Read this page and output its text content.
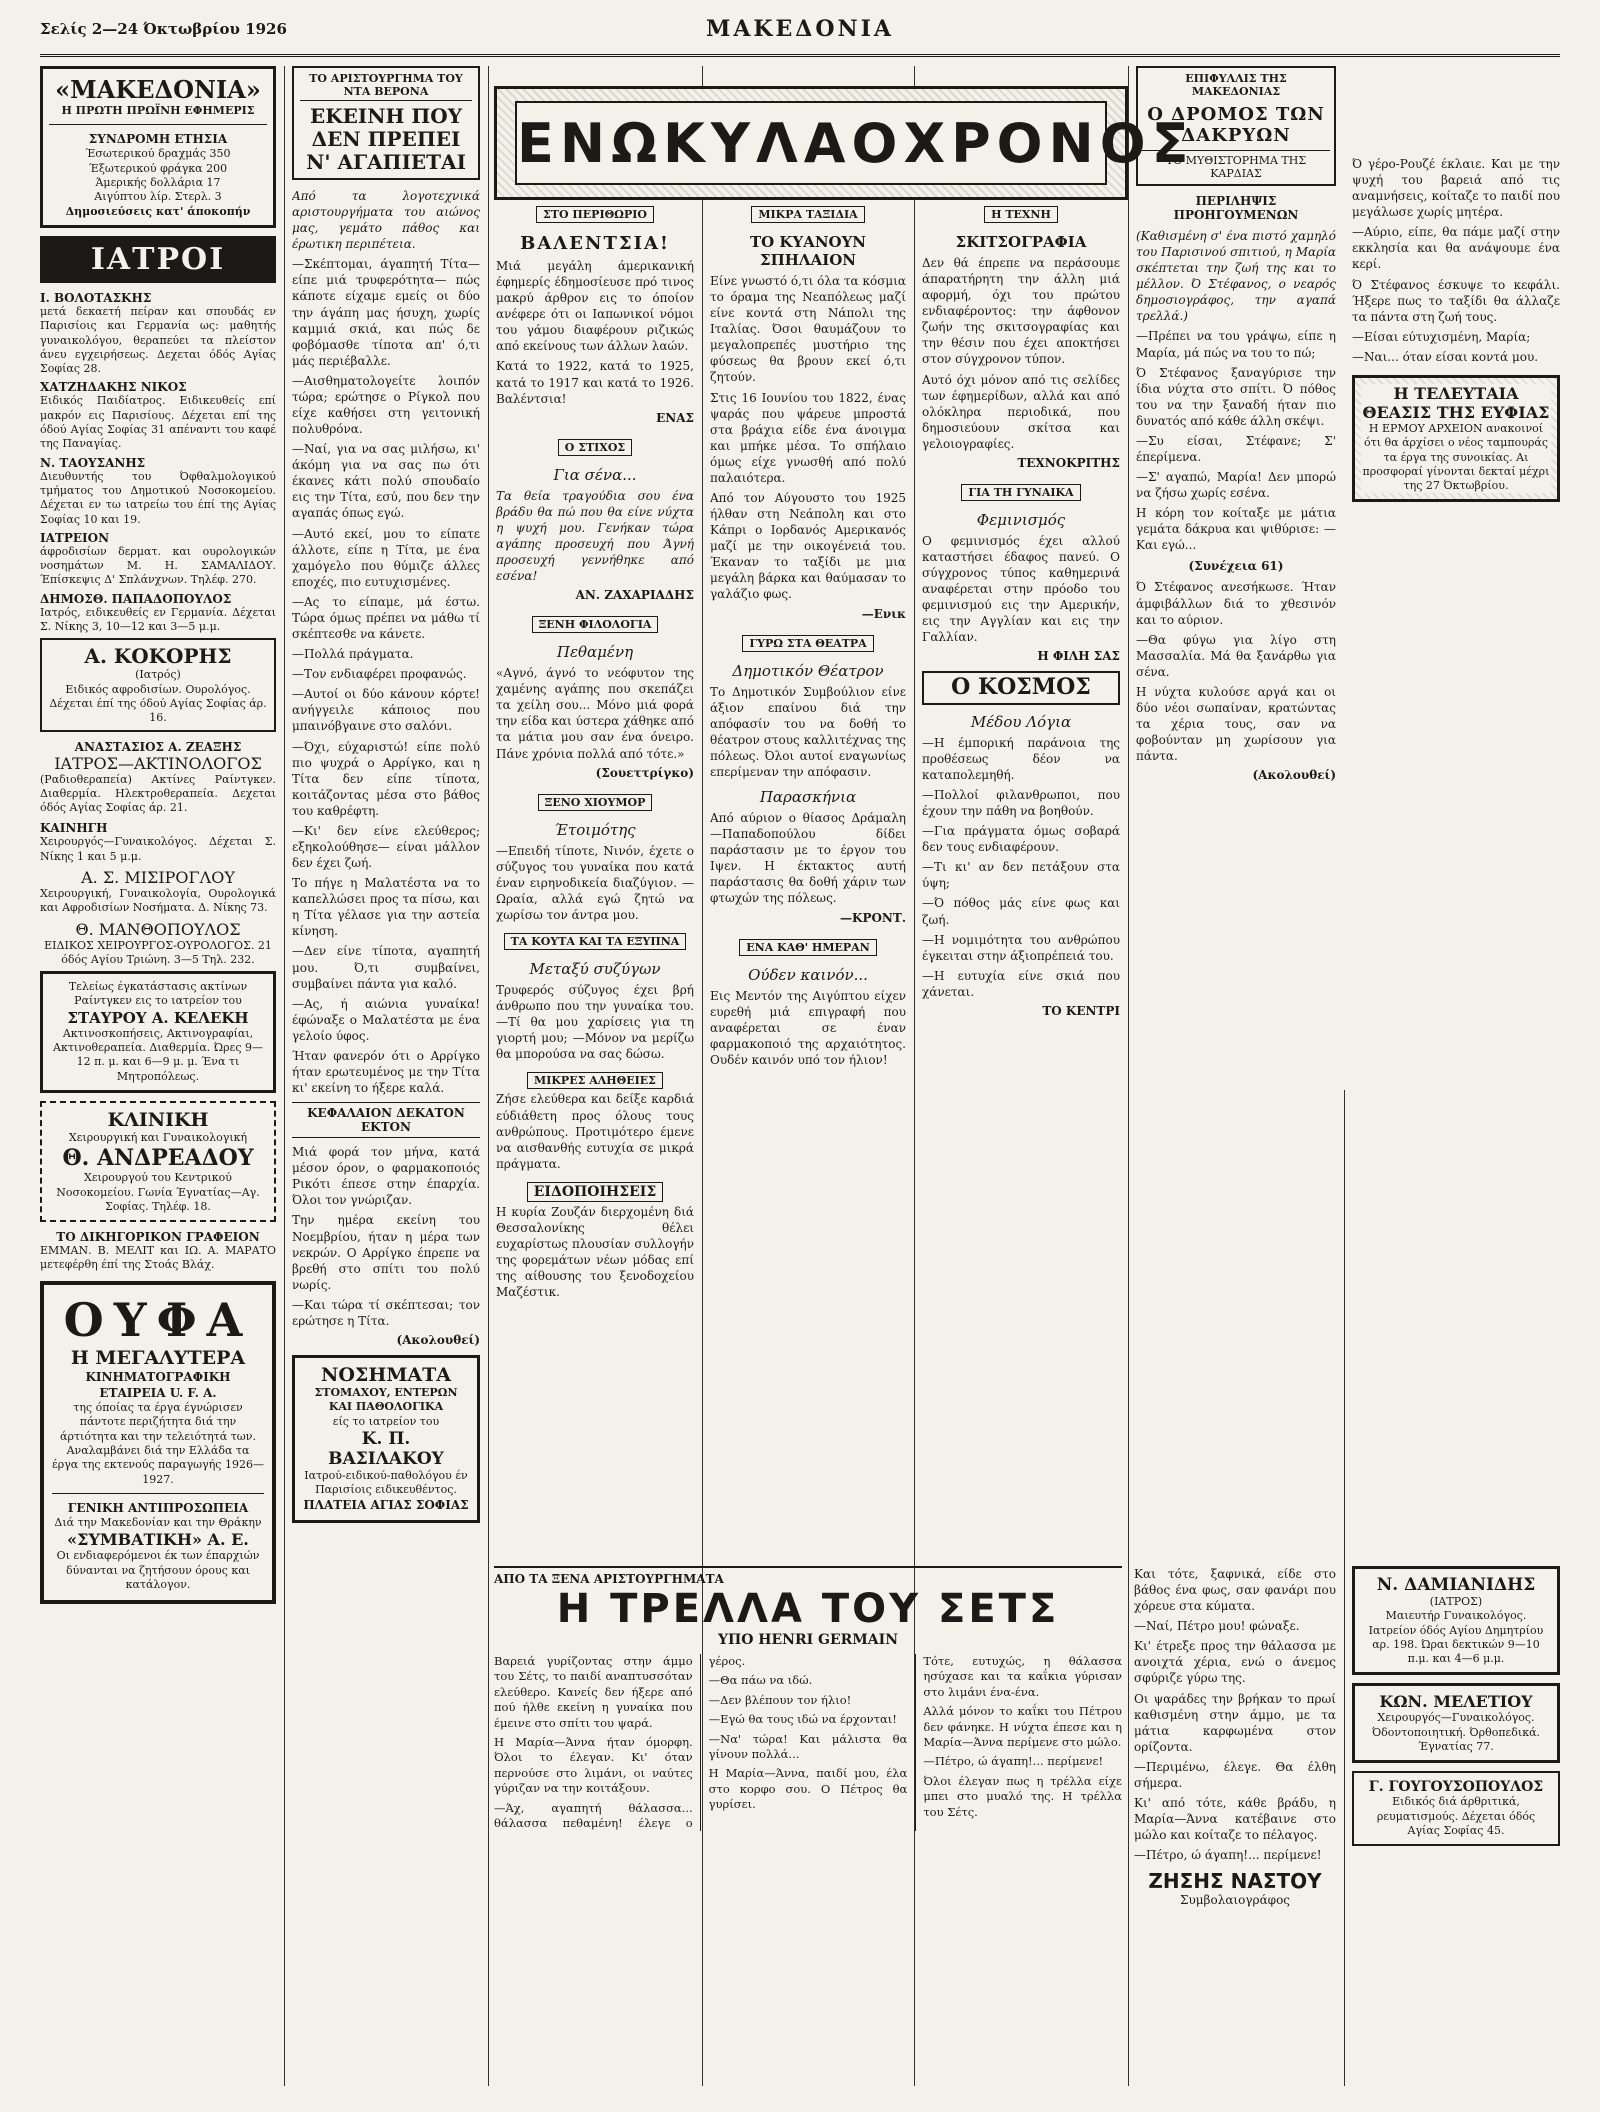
Σελίς 2—24 Όκτωβρίου 1926	ΜΑΚΕΔΟΝΙΑ
«ΜΑΚΕΔΟΝΙΑ»
Η ΠΡΩΤΗ ΠΡΩΪΝΗ ΕΦΗΜΕΡΙΣ
ΣΥΝΔΡΟΜΗ ΕΤΗΣΙΑ
Έσωτερικού δραχμάς 350
Έξωτερικού φράγκα 200
Άμερικής δολλάρια 17
Αιγύπτου λίρ. Στερλ. 3
Δημοσιεύσεις κατ' άποκοπήν
ΙΑΤΡΟΙ
Ι. ΒΟΛΟΤΑΣΚΗΣ
μετά δεκαετή πείραν και σπουδάς εν Παρισίοις και Γερμανία ως: μαθητής γυναικολόγου, θεραπεύει τα πλείστον άνευ εγχειρήσεως. Δεχεται όδός Αγίας Σοφίας 28.
ΧΑΤΖΗΔΑΚΗΣ ΝΙΚΟΣ
Ειδικός Παιδίατρος. Ειδικευθείς επί μακρόν εις Παρισίους. Δέχεται επί της όδού Αγίας Σοφίας 31 απέναντι του καφέ της Παναγίας.
Ν. ΤΑΟΥΣΑΝΗΣ
Διευθυντής του Όφθαλμολογικού τμήματος του Δημοτικού Νοσοκομείου. Δέχεται εν τω ιατρείω του έπί της Αγίας Σοφίας 10 και 19.
ΙΑΤΡΕΙΟΝ
άφροδισίων δερματ. και ουρολογικών νοσημάτων Μ. Η. ΣΑΜΑΛΙΔΟΥ. Έπίσκεψις Δ' Σπλάνχνων. Τηλέφ. 270.
ΔΗΜΟΣΘ. ΠΑΠΑΔΟΠΟΥΛΟΣ
Ιατρός, ειδικευθείς εν Γερμανία. Δέχεται Σ. Νίκης 3, 10—12 και 3—5 μ.μ.
Α. ΚΟΚΟΡΗΣ
(Ιατρός)
Ειδικός αφροδισίων. Ουρολόγος. Δέχεται έπί της όδού Αγίας Σοφίας άρ. 16.
ΑΝΑΣΤΑΣΙΟΣ Α. ΖΕΑΞΗΣ
ΙΑΤΡΟΣ—ΑΚΤΙΝΟΛΟΓΟΣ
(Ραδιοθεραπεία) Ακτίνες Ραίντγκεν. Διαθερμία. Ηλεκτροθεραπεία. Δεχεται όδός Αγίας Σοφίας άρ. 21.
ΚΑΙΝΗΓΗ
Χειρουργός—Γυναικολόγος. Δέχεται Σ. Νίκης 1 και 5 μ.μ.
Α. Σ. ΜΙΣΙΡΟΓΛΟΥ
Χειρουργική, Γυναικολογία, Ουρολογικά και Αφροδισίων Νοσήματα. Δ. Νίκης 73.
Θ. ΜΑΝΘΟΠΟΥΛΟΣ
ΕΙΔΙΚΟΣ ΧΕΙΡΟΥΡΓΟΣ-ΟΥΡΟΛΟΓΟΣ. 21 όδός Αγίου Τριώνη. 3—5 Τηλ. 232.
Τελείως έγκατάστασις ακτίνων Ραίντγκεν εις το ιατρείον του
ΣΤΑΥΡΟΥ Α. ΚΕΛΕΚΗ
Ακτινοσκοπήσεις, Ακτινογραφίαι, Ακτινοθεραπεία. Διαθερμία. Ώρες 9—12 π. μ. και 6—9 μ. μ. Ένα τι Μητροπόλεως.
ΚΛΙΝΙΚΗ
Χειρουργική και Γυναικολογική
Θ. ΑΝΔΡΕΑΔΟΥ
Χειρουργού του Κεντρικού Νοσοκομείου. Γωνία Έγνατίας—Αγ. Σοφίας. Τηλέφ. 18.
ΤΟ ΔΙΚΗΓΟΡΙΚΟΝ ΓΡΑΦΕΙΟΝ
ΕΜΜΑΝ. Β. ΜΕΛΙΤ και ΙΩ. Α. ΜΑΡΑΤΟ μετεφέρθη έπί της Στοάς Βλάχ.
ΟΥΦΑ
Η ΜΕΓΑΛΥΤΕΡΑ
ΚΙΝΗΜΑΤΟΓΡΑΦΙΚΗ ΕΤΑΙΡΕΙΑ U. F. A.
της όποίας τα έργα έγνώρισεν πάντοτε περιζήτητα διά την άρτιότητα και την τελειότητά των. Αναλαμβάνει διά την Ελλάδα τα έργα της εκτενούς παραγωγής 1926—1927.
ΓΕΝΙΚΗ ΑΝΤΙΠΡΟΣΩΠΕΙΑ
Διά την Μακεδονίαν και την Θράκην
«ΣΥΜΒΑΤΙΚΗ» Α. Ε.
Οι ενδιαφερόμενοι έκ των έπαρχιών δύνανται να ζητήσουν όρους και κατάλογον.
ΤΟ ΑΡΙΣΤΟΥΡΓΗΜΑ ΤΟΥ ΝΤΑ ΒΕΡΟΝΑ
ΕΚΕΙΝΗ ΠΟΥ ΔΕΝ ΠΡΕΠΕΙ Ν' ΑΓΑΠΙΕΤΑΙ
Από τα λογοτεχνικά αριστουργήματα του αιώνος μας, γεμάτο πάθος και έρωτικη περιπέτεια.
—Σκέπτομαι, άγαπητή Τίτα— είπε μιά τρυφερότητα— πώς κάποτε είχαμε εμείς οι δύο την άγάπη μας ήσυχη, χωρίς καμμιά σκιά, και πώς δε φοβόμασθε τίποτα απ' ό,τι μάς περιέβαλλε.
—Αισθηματολογείτε λοιπόν τώρα; ερώτησε ο Ρίγκολ που είχε καθήσει στη γειτονική πολυθρόνα.
—Ναί, για να σας μιλήσω, κι' άκόμη για να σας πω ότι έκανες κάτι πολύ σπουδαίο εις την Τίτα, εσύ, που δεν την αγαπάς όπως εγώ.
—Αυτό εκεί, μου το είπατε άλλοτε, είπε η Τίτα, με ένα χαμόγελο που θύμιζε άλλες εποχές, πιο ευτυχισμένες.
—Ας το είπαμε, μά έστω. Τώρα όμως πρέπει να μάθω τί σκέπτεσθε να κάνετε.
—Πολλά πράγματα.
—Τον ενδιαφέρει προφανώς.
—Αυτοί οι δύο κάνουν κόρτε! ανήγγειλε κάποιος που μπαινόβγαινε στο σαλόνι.
—Όχι, εύχαριστώ! είπε πολύ πιο ψυχρά ο Αρρίγκο, και η Τίτα δεν είπε τίποτα, κοιτάζοντας μέσα στο βάθος του καθρέφτη.
—Κι' δεν είνε ελεύθερος; εξηκολούθησε— είναι μάλλον δεν έχει ζωή.
Το πήγε η Μαλατέστα να το καπελλώσει προς τα πίσω, και η Τίτα γέλασε για την αστεία κίνηση.
—Δεν είνε τίποτα, αγαπητή μου. Ό,τι συμβαίνει, συμβαίνει πάντα για καλό.
—Ας, ή αιώνια γυναίκα! έφώναξε ο Μαλατέστα με ένα γελοίο ύφος.
Ήταν φανερόν ότι ο Αρρίγκο ήταν ερωτευμένος με την Τίτα κι' εκείνη το ήξερε καλά.
ΚΕΦΑΛΑΙΟΝ ΔΕΚΑΤΟΝ ΕΚΤΟΝ
Μιά φορά τον μήνα, κατά μέσον όρον, ο φαρμακοποιός Ρικότι έπεσε στην έπαρχία. Όλοι τον γνώριζαν.
Την ημέρα εκείνη του Νοεμβρίου, ήταν η μέρα των νεκρών. Ο Αρρίγκο έπρεπε να βρεθή στο σπίτι του πολύ νωρίς.
—Και τώρα τί σκέπτεσαι; τον ερώτησε η Τίτα.
(Ακολουθεί)
ΝΟΣΗΜΑΤΑ
ΣΤΟΜΑΧΟΥ, ΕΝΤΕΡΩΝ ΚΑΙ ΠΑΘΟΛΟΓΙΚΑ
είς το ιατρείον του
Κ. Π. ΒΑΣΙΛΑΚΟΥ
Ιατρού-ειδικού-παθολόγου έν Παρισίοις ειδικευθέντος.
ΠΛΑΤΕΙΑ ΑΓΙΑΣ ΣΟΦΙΑΣ
ΕΝΩ ΚΥΛΑ Ο ΧΡΟΝΟΣ
ΣΤΟ ΠΕΡΙΘΩΡΙΟ
ΒΑΛΕΝΤΣΙΑ!
Μιά μεγάλη άμερικανική έφημερίς έδημοσίευσε πρό τινος μακρύ άρθρον εις το όποίον ανέφερε ότι οι Ιαπωνικοί νόμοι του γάμου διαφέρουν ριζικώς από εκείνους των άλλων λαών.
Κατά το 1922, κατά το 1925, κατά το 1917 και κατά το 1926. Βαλέντσια!
ΕΝΑΣ
Ο ΣΤΙΧΟΣ
Για σένα...
Τα θεία τραγούδια σου ένα βράδυ θα πώ που θα είνε νύχτα η ψυχή μου. Γενήκαν τώρα αγάπης προσευχή που Άγνή προσευχή γεννήθηκε από εσένα!
ΑΝ. ΖΑΧΑΡΙΑΔΗΣ
ΞΕΝΗ ΦΙΛΟΛΟΓΙΑ
Πεθαμένη
«Αγνό, άγνό το νεόφυτον της χαμένης αγάπης που σκεπάζει τα χείλη σου... Μόνο μιά φορά την είδα και ύστερα χάθηκε από τα μάτια μου σαν ένα όνειρο. Πάνε χρόνια πολλά από τότε.»
(Σουεττρίγκο)
ΞΕΝΟ ΧΙΟΥΜΟΡ
Έτοιμότης
—Επειδή τίποτε, Νινόν, έχετε ο σύζυγος του γυναίκα που κατά έναν ειρηνοδικεία διαζύγιον. —Ωραία, αλλά εγώ ζητώ να χωρίσω τον άντρα μου.
ΤΑ ΚΟΥΤΑ ΚΑΙ ΤΑ ΕΞΥΠΝΑ
Μεταξύ συζύγων
Τρυφερός σύζυγος έχει βρή άνθρωπο που την γυναίκα του. —Τί θα μου χαρίσεις για τη γιορτή μου; —Μόνον να μερίζω θα μπορούσα να σας δώσω.
ΜΙΚΡΕΣ ΑΛΗΘΕΙΕΣ
Ζήσε ελεύθερα και δείξε καρδιά εύδιάθετη προς όλους τους ανθρώπους. Προτιμότερο έμενε να αισθανθής ευτυχία σε μικρά πράγματα.
ΕΙΔΟΠΟΙΗΣΕΙΣ
Η κυρία Ζουζάν διερχομένη διά Θεσσαλονίκης θέλει ευχαρίστως πλουσίαν συλλογήν της φορεμάτων νέων μόδας επί της αίθουσης του ξενοδοχείου Μαζέστικ.
ΜΙΚΡΑ ΤΑΞΙΔΙΑ
ΤΟ ΚΥΑΝΟΥΝ ΣΠΗΛΑΙΟΝ
Είνε γνωστό ό,τι όλα τα κόσμια το όραμα της Νεαπόλεως μαζί είνε κοντά στη Νάπολι της Ιταλίας. Όσοι θαυμάζουν το μεγαλοπρεπές μυστήριο της φύσεως θα βρουν εκεί ό,τι ζητούν.
Στις 16 Ιουνίου του 1822, ένας ψαράς που ψάρευε μπροστά στα βράχια είδε ένα άνοιγμα και μπήκε μέσα. Το σπήλαιο όμως είχε γνωσθή από πολύ παλαιότερα.
Από τον Αύγουστο του 1925 ήλθαν στη Νεάπολη και στο Κάπρι ο Ιορδανός Αμερικανός μαζί με την οικογένειά του. Έκαναν το ταξίδι με μια μεγάλη βάρκα και θαύμασαν το γαλάζιο φως.
—Ενικ
ΓΥΡΩ ΣΤΑ ΘΕΑΤΡΑ
Δημοτικόν Θέατρον
Το Δημοτικόν Συμβούλιον είνε άξιον επαίνου διά την απόφασίν του να δοθή το θέατρον στους καλλιτέχνας της πόλεως. Όλοι αυτοί εναγωνίως επερίμεναν την απόφασιν.
Παρασκήνια
Από αύριον ο θίασος Δράμαλη—Παπαδοπούλου δίδει παράστασιν με το έργον του Ιψεν. Η έκτακτος αυτή παράστασις θα δοθή χάριν των φτωχών της πόλεως.
—ΚΡΟΝΤ.
ΕΝΑ ΚΑΘ' ΗΜΕΡΑΝ
Ούδεν καινόν...
Εις Μεντόν της Αιγύπτου είχεν ευρεθή μιά επιγραφή που αναφέρεται σε έναν φαρμακοποιό της αρχαιότητος. Ουδέν καινόν υπό τον ήλιον!
Η ΤΕΧΝΗ
ΣΚΙΤΣΟΓΡΑΦΙΑ
Δεν θά έπρεπε να περάσουμε άπαρατήρητη την άλλη μιά αφορμή, όχι του πρώτου ενδιαφέροντος: την άφθονον ζωήν της σκιτσογραφίας και την θέσιν που έχει αποκτήσει στον σύγχρονον τύπον.
Αυτό όχι μόνον από τις σελίδες των έφημερίδων, αλλά και από ολόκληρα περιοδικά, που δημοσιεύουν σκίτσα και γελοιογραφίες.
ΤΕΧΝΟΚΡΙΤΗΣ
ΓΙΑ ΤΗ ΓΥΝΑΙΚΑ
Φεμινισμός
Ο φεμινισμός έχει αλλού καταστήσει έδαφος πανεύ. Ο σύγχρονος τύπος καθημερινά αναφέρεται στην πρόοδο του φεμινισμού εις την Αμερικήν, εις την Αγγλίαν και εις την Γαλλίαν.
Η ΦΙΛΗ ΣΑΣ
Ο ΚΟΣΜΟΣ
Μέδου Λόγια
—Η έμπορική παράνοια της προθέσεως δέον να καταπολεμηθή.
—Πολλοί φιλανθρωποι, που έχουν την πάθη να βοηθούν.
—Για πράγματα όμως σοβαρά δεν τους ενδιαφέρουν.
—Τι κι' αν δεν πετάξουν στα ύψη;
—Ό πόθος μάς είνε φως και ζωή.
—Η νομιμότητα του ανθρώπου έγκειται στην άξιοπρέπειά του.
—Η ευτυχία είνε σκιά που χάνεται.
ΤΟ ΚΕΝΤΡΙ
ΕΠΙΦΥΛΛΙΣ ΤΗΣ ΜΑΚΕΔΟΝΙΑΣ
Ο ΔΡΟΜΟΣ ΤΩΝ ΔΑΚΡΥΩΝ
ΤΟ ΜΥΘΙΣΤΟΡΗΜΑ ΤΗΣ ΚΑΡΔΙΑΣ
ΠΕΡΙΛΗΨΙΣ ΠΡΟΗΓΟΥΜΕΝΩΝ
(Καθισμένη σ' ένα πιστό χαμηλό του Παρισινού σπιτιού, η Μαρία σκέπτεται την ζωή της και το μέλλον. Ό Στέφανος, ο νεαρός δημοσιογράφος, την αγαπά τρελλά.)
—Πρέπει να του γράψω, είπε η Μαρία, μά πώς να του το πώ;
Ό Στέφανος ξαναγύρισε την ίδια νύχτα στο σπίτι. Ό πόθος του να την ξαναδή ήταν πιο δυνατός από κάθε άλλη σκέψι.
—Συ είσαι, Στέφανε; Σ' έπερίμενα.
—Σ' αγαπώ, Μαρία! Δεν μπορώ να ζήσω χωρίς εσένα.
Η κόρη τον κοίταξε με μάτια γεμάτα δάκρυα και ψιθύρισε: —Και εγώ...
(Συνέχεια 61)
Ό Στέφανος ανεσήκωσε. Ήταν άμφιβάλλων διά το χθεσινόν και το αύριον.
—Θα φύγω για λίγο στη Μασσαλία. Μά θα ξανάρθω για σένα.
Η νύχτα κυλούσε αργά και οι δύο νέοι σωπαίναν, κρατώντας τα χέρια τους, σαν να φοβούνταν μη χωρίσουν για πάντα.
(Ακολουθεί)
Ό γέρο-Ρουζέ έκλαιε. Και με την ψυχή του βαρειά από τις αναμνήσεις, κοίταζε το παιδί που μεγάλωσε χωρίς μητέρα.
—Αύριο, είπε, θα πάμε μαζί στην εκκλησία και θα ανάψουμε ένα κερί.
Ό Στέφανος έσκυψε το κεφάλι. Ήξερε πως το ταξίδι θα άλλαζε τα πάντα στη ζωή τους.
—Είσαι εύτυχισμένη, Μαρία;
—Ναι... όταν είσαι κοντά μου.
Η ΤΕΛΕΥΤΑΙΑ ΘΕΑΣΙΣ ΤΗΣ ΕΥΦΙΑΣ
Η ΕΡΜΟΥ ΑΡΧΕΙΟΝ ανακοινοί ότι θα άρχίσει ο νέος ταμπουράς τα έργα της συνοικίας. Αι προσφοραί γίνονται δεκταί μέχρι της 27 Όκτωβρίου.
ΑΠΟ ΤΑ ΞΕΝΑ ΑΡΙΣΤΟΥΡΓΗΜΑΤΑ
Η ΤΡΕΛΛΑ ΤΟΥ ΣΕΤΣ
ΥΠΟ HENRI GERMAIN
Βαρειά γυρίζοντας στην άμμο του Σέτς, το παιδί αναπτυσσόταν ελεύθερο. Κανείς δεν ήξερε από πού ήλθε εκείνη η γυναίκα που έμεινε στο σπίτι του ψαρά.
Η Μαρία—Άννα ήταν όμορφη. Όλοι το έλεγαν. Κι' όταν περνούσε στο λιμάνι, οι ναύτες γύριζαν να την κοιτάξουν.
—Άχ, αγαπητή θάλασσα... θάλασσα πεθαμένη! έλεγε ο γέρος.
—Θα πάω να ιδώ.
—Δεν βλέπουν τον ήλιο!
—Εγώ θα τους ιδώ να έρχονται!
—Να' τώρα! Και μάλιστα θα γίνουν πολλά...
Η Μαρία—Άννα, παιδί μου, έλα στο κορφο σου. Ο Πέτρος θα γυρίσει.
Τότε, ευτυχώς, η θάλασσα ησύχασε και τα καΐκια γύρισαν στο λιμάνι ένα-ένα.
Αλλά μόνον το καΐκι του Πέτρου δεν φάνηκε. Η νύχτα έπεσε και η Μαρία—Άννα περίμενε στο μώλο.
—Πέτρο, ώ άγαπη!... περίμενε!
Όλοι έλεγαν πως η τρέλλα είχε μπει στο μυαλό της. Η τρέλλα του Σέτς.
Και τότε, ξαφνικά, είδε στο βάθος ένα φως, σαν φανάρι που χόρευε στα κύματα.
—Ναί, Πέτρο μου! φώναξε.
Κι' έτρεξε προς την θάλασσα με ανοιχτά χέρια, ενώ ο άνεμος σφύριζε γύρω της.
Οι ψαράδες την βρήκαν το πρωί καθισμένη στην άμμο, με τα μάτια καρφωμένα στον ορίζοντα.
—Περιμένω, έλεγε. Θα έλθη σήμερα.
Κι' από τότε, κάθε βράδυ, η Μαρία—Άννα κατέβαινε στο μώλο και κοίταζε το πέλαγος.
—Πέτρο, ώ άγαπη!... περίμενε!
ΖΗΣΗΣ ΝΑΣΤΟΥ
Συμβολαιογράφος
Ν. ΔΑΜΙΑΝΙΔΗΣ
(ΙΑΤΡΟΣ)
Μαιευτήρ Γυναικολόγος. Ιατρείον όδός Αγίου Δημητρίου αρ. 198. Ώραι δεκτικών 9—10 π.μ. και 4—6 μ.μ.
ΚΩΝ. ΜΕΛΕΤΙΟΥ
Χειρουργός—Γυναικολόγος. Όδοντοποιητική. Όρθοπεδικά. Έγνατίας 77.
Γ. ΓΟΥΓΟΥΣΟΠΟΥΛΟΣ
Ειδικός διά άρθριτικά, ρευματισμούς. Δέχεται όδός Αγίας Σοφίας 45.
